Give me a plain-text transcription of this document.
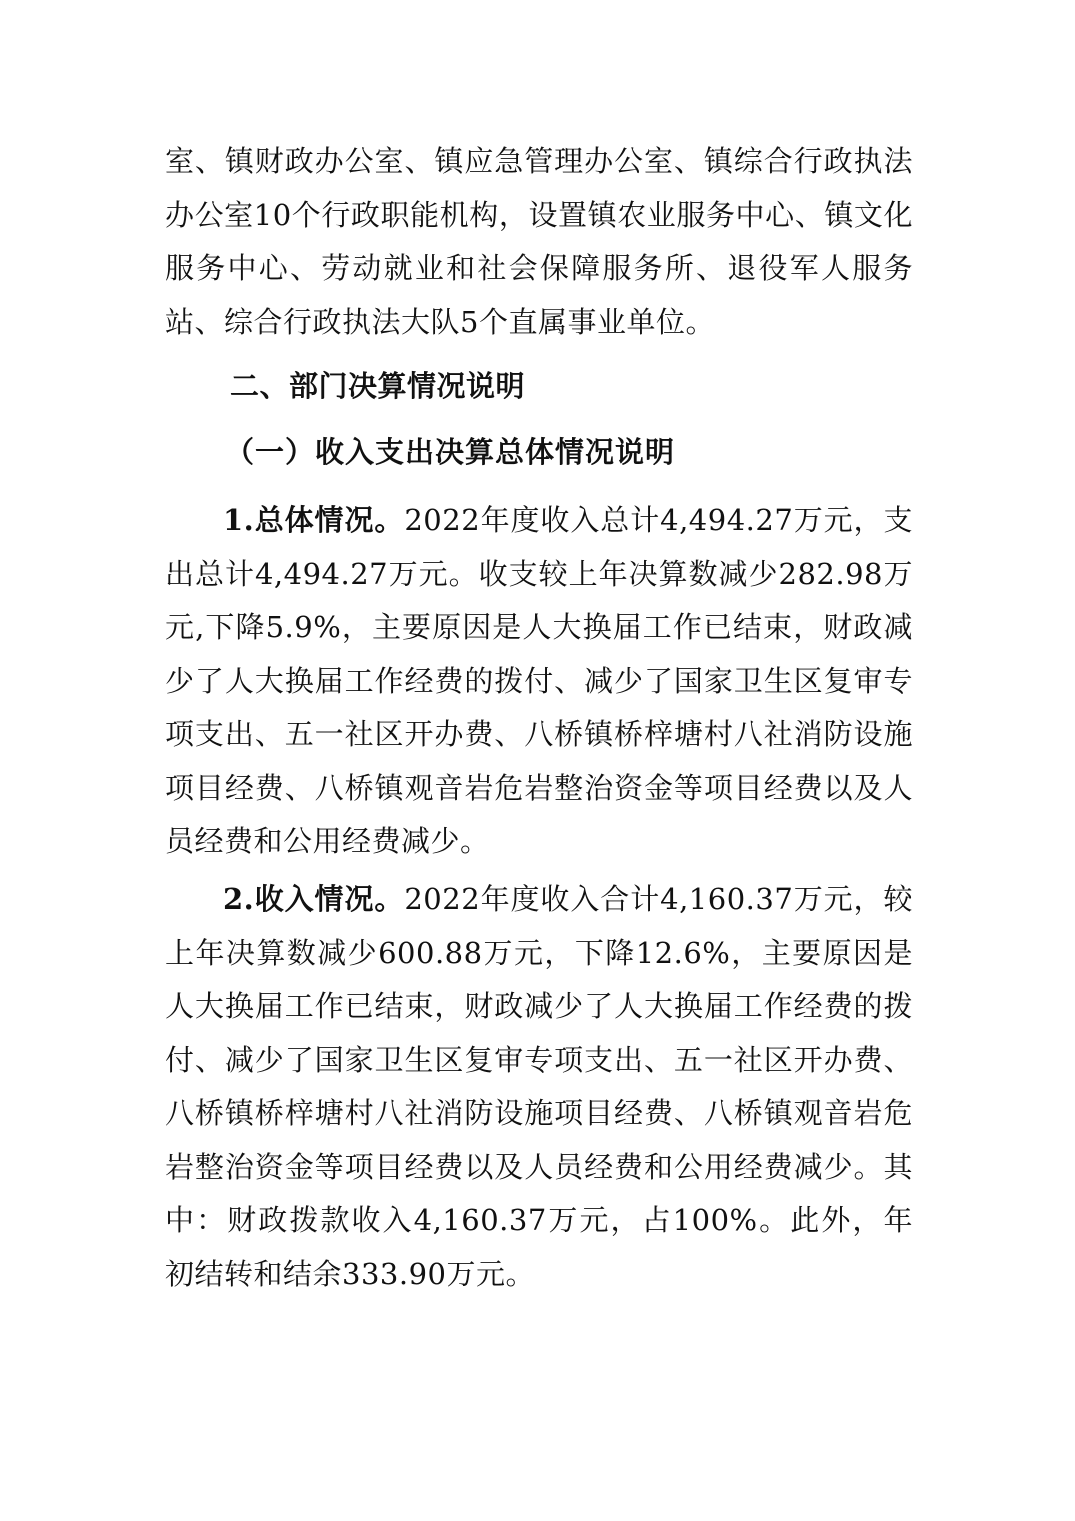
室、镇财政办公室、镇应急管理办公室、镇综合行政执法办公室10个行政职能机构，设置镇农业服务中心、镇文化服务中心、劳动就业和社会保障服务所、退役军人服务站、综合行政执法大队5个直属事业单位。

二、部门决算情况说明
（一）收入支出决算总体情况说明

1.总体情况。2022年度收入总计4,494.27万元，支出总计4,494.27万元。收支较上年决算数减少282.98万元,下降5.9%，主要原因是人大换届工作已结束，财政减少了人大换届工作经费的拨付、减少了国家卫生区复审专项支出、五一社区开办费、八桥镇桥梓塘村八社消防设施项目经费、八桥镇观音岩危岩整治资金等项目经费以及人员经费和公用经费减少。

2.收入情况。2022年度收入合计4,160.37万元，较上年决算数减少600.88万元，下降12.6%，主要原因是人大换届工作已结束，财政减少了人大换届工作经费的拨付、减少了国家卫生区复审专项支出、五一社区开办费、八桥镇桥梓塘村八社消防设施项目经费、八桥镇观音岩危岩整治资金等项目经费以及人员经费和公用经费减少。其中：财政拨款收入4,160.37万元，占100%。此外，年初结转和结余333.90万元。
